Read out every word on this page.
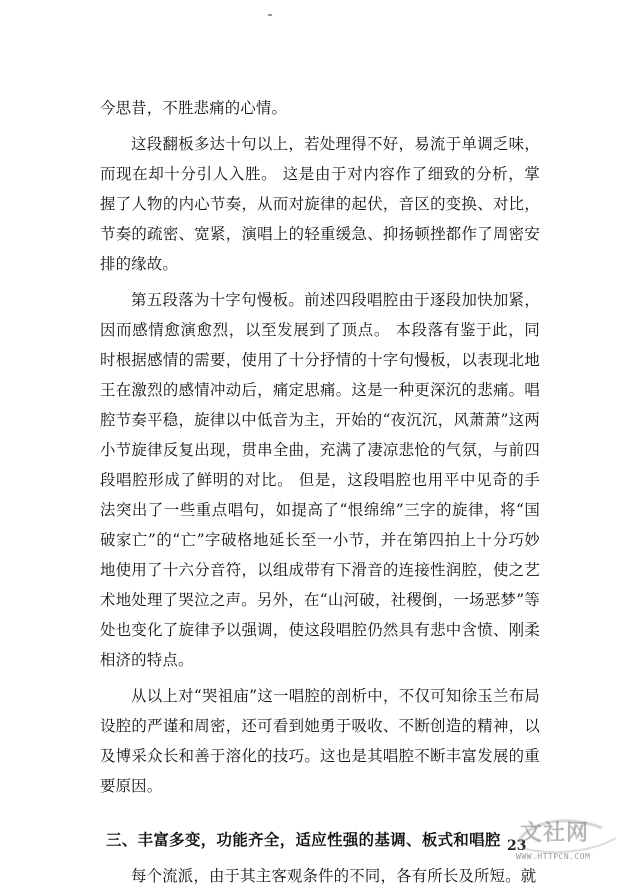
今思昔，不胜悲痛的心情。

这段翻板多达十句以上，若处理得不好，易流于单调乏味，而现在却十分引人入胜。 这是由于对内容作了细致的分析，掌握了人物的内心节奏，从而对旋律的起伏，音区的变换、对比，节奏的疏密、宽紧，演唱上的轻重缓急、抑扬顿挫都作了周密安排的缘故。

第五段落为十字句慢板。前述四段唱腔由于逐段加快加紧，因而感情愈演愈烈，以至发展到了顶点。 本段落有鉴于此，同时根据感情的需要，使用了十分抒情的十字句慢板，以表现北地王在激烈的感情冲动后，痛定思痛。这是一种更深沉的悲痛。唱腔节奏平稳，旋律以中低音为主，开始的“夜沉沉，风萧萧”这两小节旋律反复出现，贯串全曲，充满了凄凉悲怆的气氛，与前四段唱腔形成了鲜明的对比。 但是，这段唱腔也用平中见奇的手法突出了一些重点唱句，如提高了“恨绵绵”三字的旋律，将“国破家亡”的“亡”字破格地延长至一小节，并在第四拍上十分巧妙地使用了十六分音符，以组成带有下滑音的连接性润腔，使之艺术地处理了哭泣之声。另外，在“山河破，社稷倒，一场恶梦”等处也变化了旋律予以强调，使这段唱腔仍然具有悲中含愤、刚柔相济的特点。

从以上对“哭祖庙”这一唱腔的剖析中，不仅可知徐玉兰布局设腔的严谨和周密，还可看到她勇于吸收、不断创造的精神，以及博采众长和善于溶化的技巧。这也是其唱腔不断丰富发展的重要原因。

三、丰富多变，功能齐全，适应性强的基调、板式和唱腔

每个流派，由于其主客观条件的不同，各有所长及所短。就

23
文社网
WWW.HTTPCN.COM
